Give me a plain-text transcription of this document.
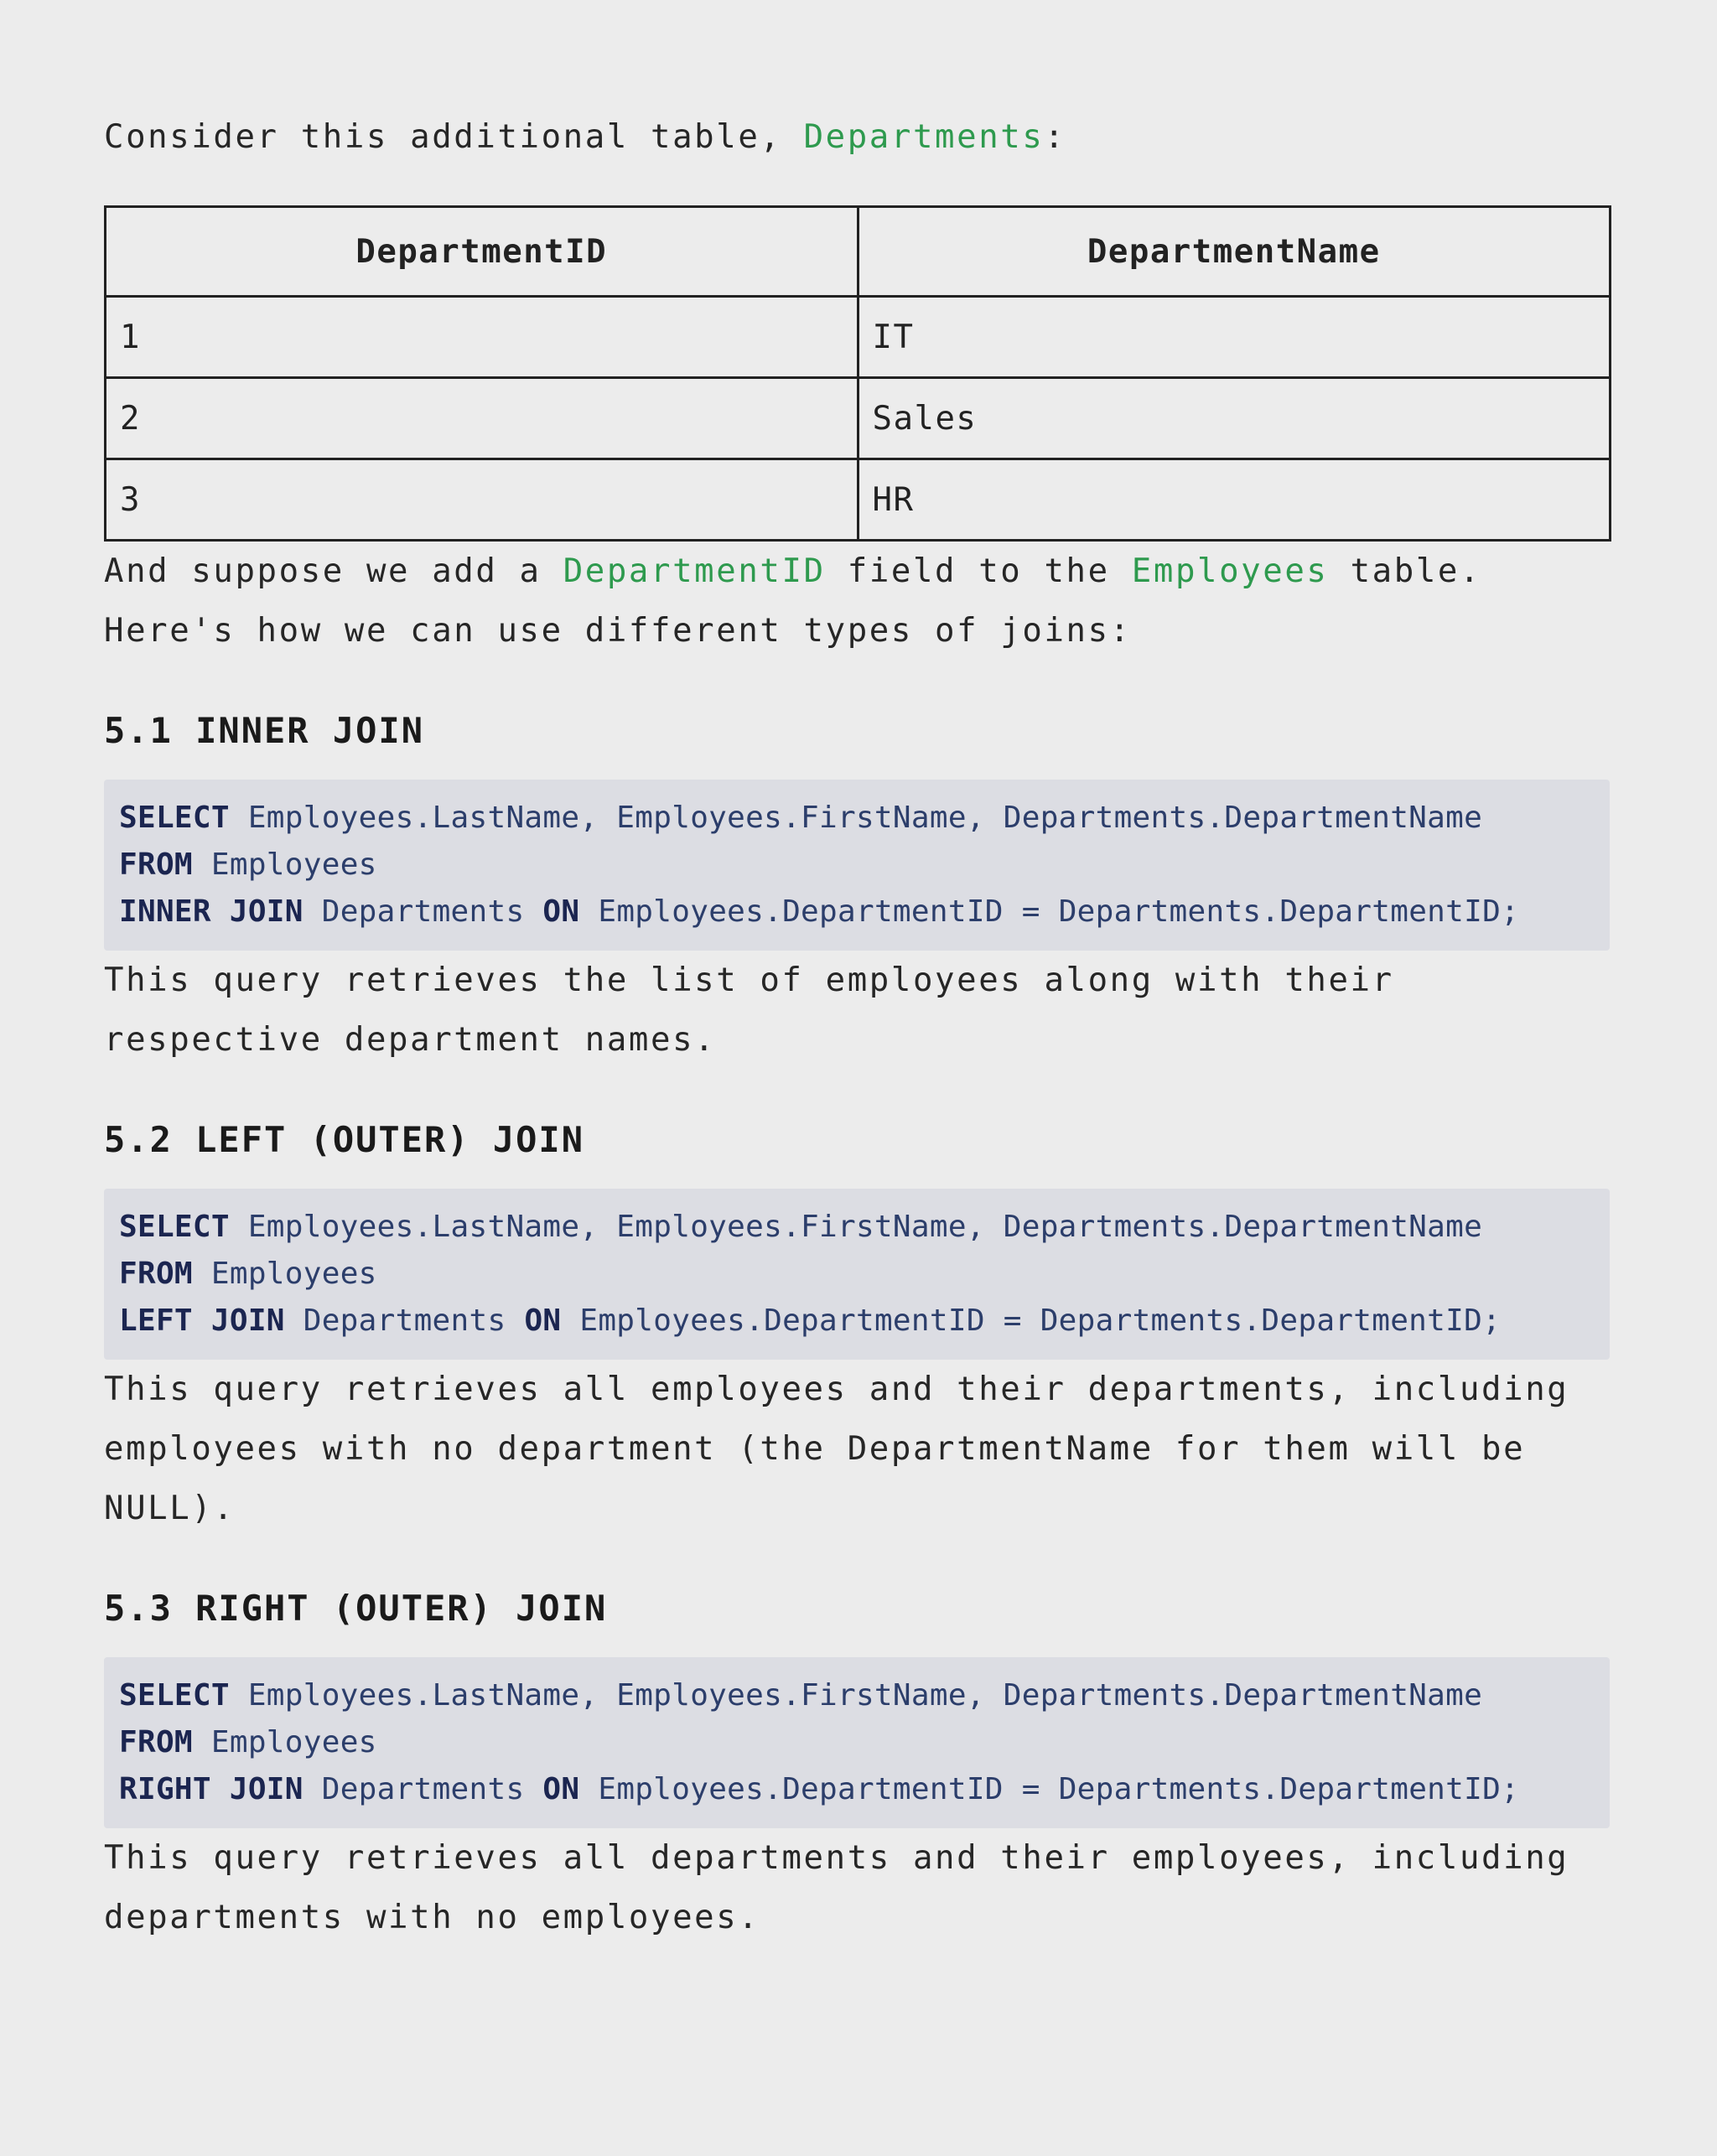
Consider this additional table, Departments:

DepartmentID	DepartmentName
1	IT
2	Sales
3	HR

And suppose we add a DepartmentID field to the Employees table. Here's how we can use different types of joins:

5.1 INNER JOIN
SELECT Employees.LastName, Employees.FirstName, Departments.DepartmentName
FROM Employees
INNER JOIN Departments ON Employees.DepartmentID = Departments.DepartmentID;

This query retrieves the list of employees along with their respective department names.

5.2 LEFT (OUTER) JOIN
SELECT Employees.LastName, Employees.FirstName, Departments.DepartmentName
FROM Employees
LEFT JOIN Departments ON Employees.DepartmentID = Departments.DepartmentID;

This query retrieves all employees and their departments, including employees with no department (the DepartmentName for them will be NULL).

5.3 RIGHT (OUTER) JOIN
SELECT Employees.LastName, Employees.FirstName, Departments.DepartmentName
FROM Employees
RIGHT JOIN Departments ON Employees.DepartmentID = Departments.DepartmentID;

This query retrieves all departments and their employees, including departments with no employees.
